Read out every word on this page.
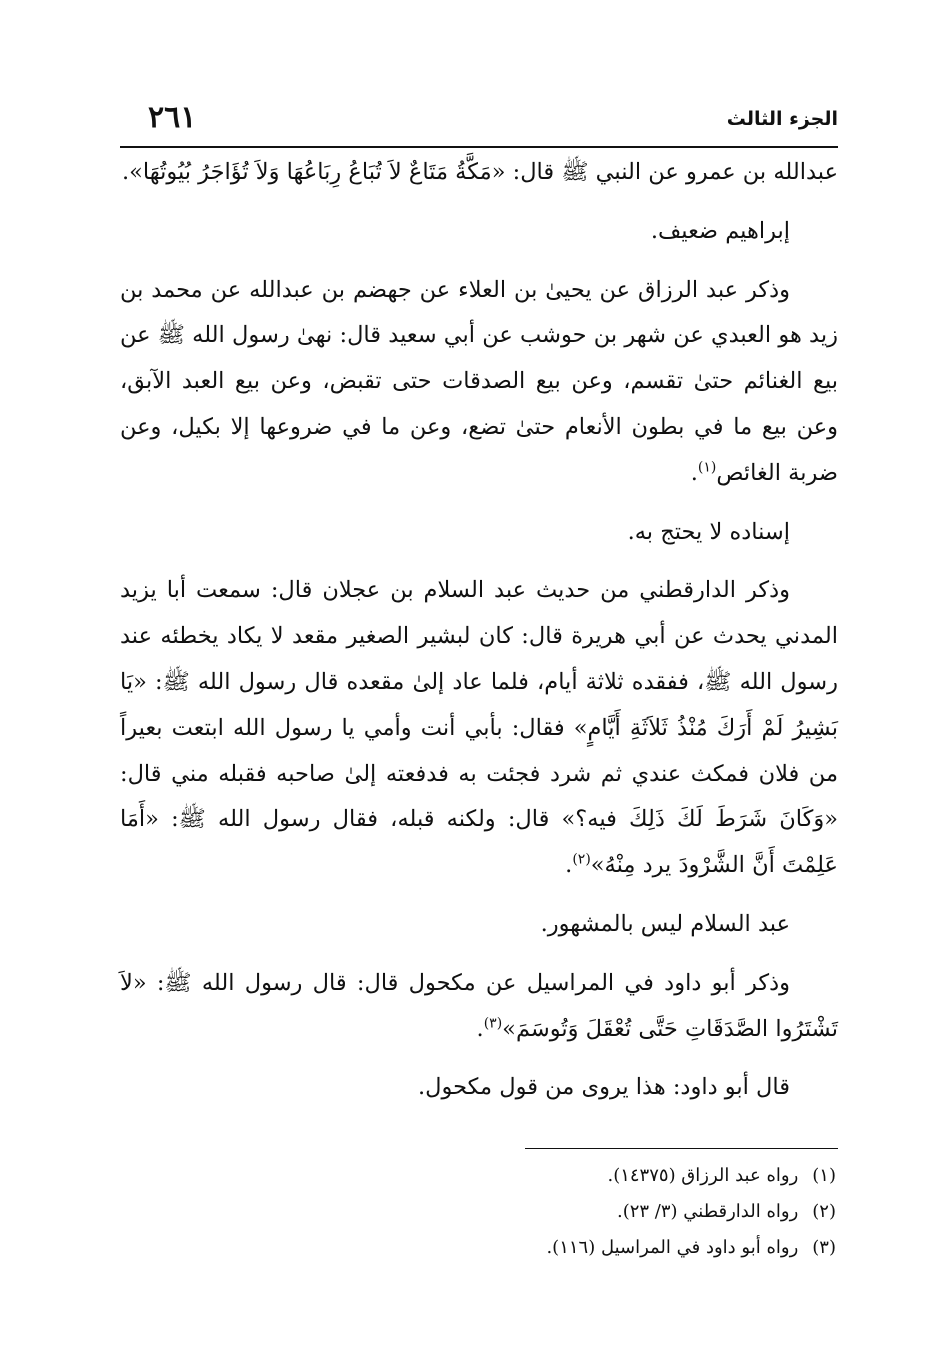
الجزء الثالث
٢٦١

عبدالله بن عمرو عن النبي ﷺ قال: «مَكَّةُ مَتَاعٌ لاَ تُبَاعُ رِبَاعُهَا وَلاَ تُؤَاجَرُ بُيُوتُهَا».

إبراهيم ضعيف.

وذكر عبد الرزاق عن يحيىٰ بن العلاء عن جهضم بن عبدالله عن محمد بن زيد هو العبدي عن شهر بن حوشب عن أبي سعيد قال: نهىٰ رسول الله ﷺ عن بيع الغنائم حتىٰ تقسم، وعن بيع الصدقات حتى تقبض، وعن بيع العبد الآبق، وعن بيع ما في بطون الأنعام حتىٰ تضع، وعن ما في ضروعها إلا بكيل، وعن ضربة الغائص$^{(١)}$.

إسناده لا يحتج به.

وذكر الدارقطني من حديث عبد السلام بن عجلان قال: سمعت أبا يزيد المدني يحدث عن أبي هريرة قال: كان لبشير الصغير مقعد لا يكاد يخطئه عند رسول الله ﷺ، ففقده ثلاثة أيام، فلما عاد إلىٰ مقعده قال رسول الله ﷺ: «يَا بَشِيرُ لَمْ أَرَكَ مُنْذُ ثَلاَثَةِ أَيَّامٍ» فقال: بأبي أنت وأمي يا رسول الله ابتعت بعيراً من فلان فمكث عندي ثم شرد فجئت به فدفعته إلىٰ صاحبه فقبله مني قال: «وَكَانَ شَرَطَ لَكَ ذَلِكَ فيه؟» قال: ولكنه قبله، فقال رسول الله ﷺ: «أَمَا عَلِمْتَ أَنَّ الشَّرْودَ يرد مِنْهُ»$^{(٢)}$.

عبد السلام ليس بالمشهور.

وذكر أبو داود في المراسيل عن مكحول قال: قال رسول الله ﷺ: «لاَ تَشْتَرُوا الصَّدَقَاتِ حَتَّى تُعْقَلَ وَتُوسَمَ»$^{(٣)}$.

قال أبو داود: هذا يروى من قول مكحول.

(١)رواه عبد الرزاق (١٤٣٧٥).

(٢)رواه الدارقطني (٣/ ٢٣).

(٣)رواه أبو داود في المراسيل (١١٦).
